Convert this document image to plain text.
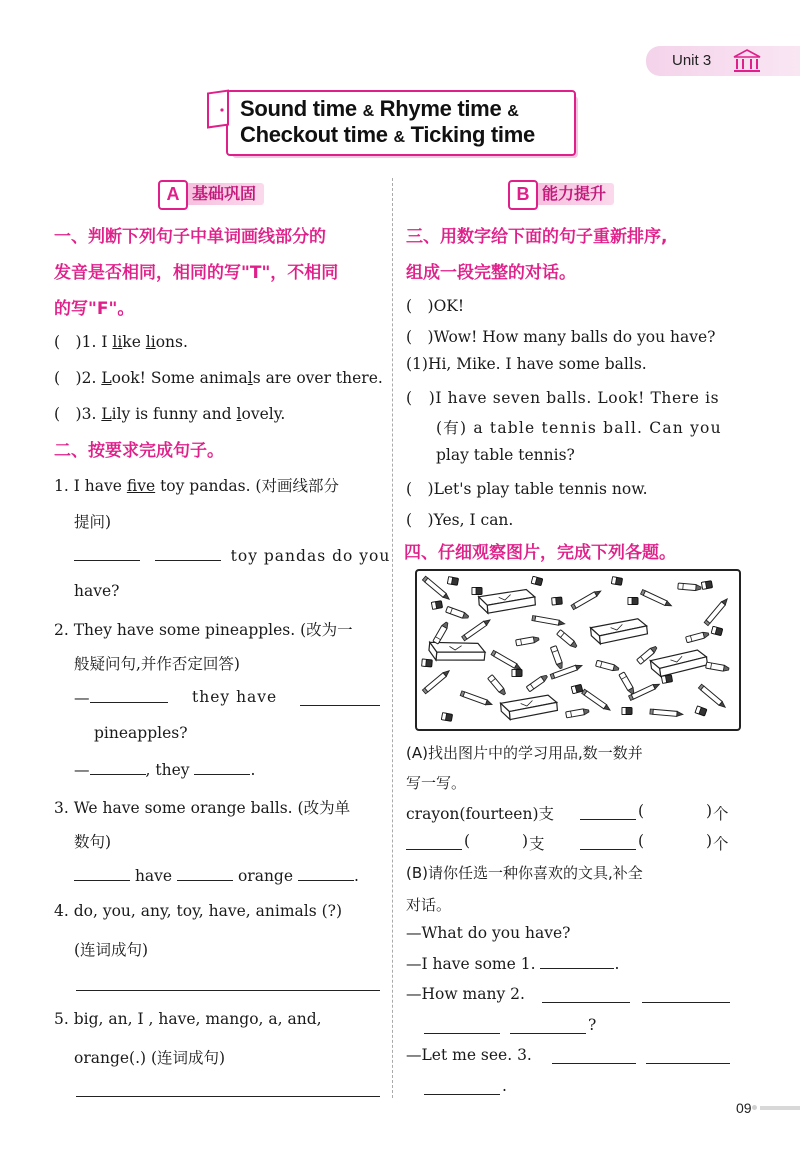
Unit 3
Sound time & Rhyme time &
Checkout time & Ticking time
基础巩固
A	能力提升
B
一、判断下列句子中单词画线部分的
发音是否相同，相同的写"T"，不相同
的写"F"。
(　)1. I like lions.
(　)2. Look! Some animals are over there.
(　)3. Lily is funny and lovely.
二、按要求完成句子。
1. I have five toy pandas. (对画线部分
提问)
toy pandas do you
have?
2. They have some pineapples. (改为一
般疑问句,并作否定回答)
—	they have
pineapples?
—	, they	.
3. We have some orange balls. (改为单
数句)
have	orange	.
4. do, you, any, toy, have, animals (?)
(连词成句)
5. big, an, I , have, mango, a, and,
orange(.) (连词成句)
三、用数字给下面的句子重新排序,
组成一段完整的对话。
(　)OK!
(　)Wow! How many balls do you have?
(1)Hi, Mike. I have some balls.
(　)I have seven balls. Look! There is
(有) a table tennis ball. Can you
play table tennis?
(　)Let's play table tennis now.
(　)Yes, I can.
四、仔细观察图片，完成下列各题。
(A)找出图片中的学习用品,数一数并
写一写。
crayon(fourteen)支	(	) 个
(	) 支	(	) 个
(B)请你任选一种你喜欢的文具,补全
对话。
—What do you have?
—I have some 1.	.
—How many 2.
?
—Let me see. 3.
.
09
